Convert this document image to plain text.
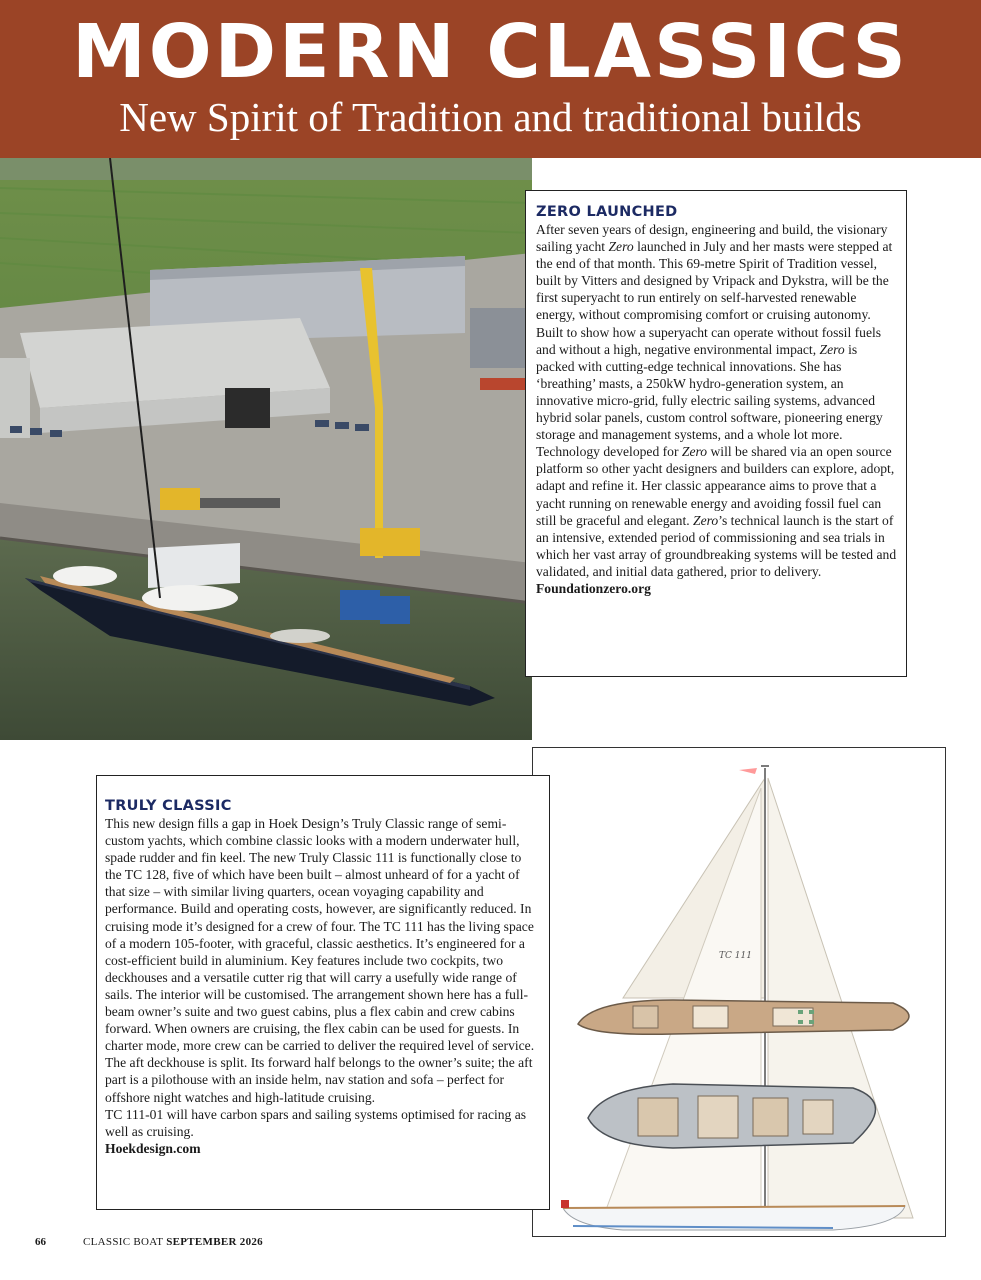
MODERN CLASSICS
New Spirit of Tradition and traditional builds
ZERO LAUNCHED

After seven years of design, engineering and build, the visionary sailing yacht Zero launched in July and her masts were stepped at the end of that month. This 69-metre Spirit of Tradition vessel, built by Vitters and designed by Vripack and Dykstra, will be the first superyacht to run entirely on self-harvested renewable energy, without compromising comfort or cruising autonomy. Built to show how a superyacht can operate without fossil fuels and without a high, negative environmental impact, Zero is packed with cutting-edge technical innovations. She has ‘breathing’ masts, a 250kW hydro-generation system, an innovative micro-grid, fully electric sailing systems, advanced hybrid solar panels, custom control software, pioneering energy storage and management systems, and a whole lot more. Technology developed for Zero will be shared via an open source platform so other yacht designers and builders can explore, adopt, adapt and refine it. Her classic appearance aims to prove that a yacht running on renewable energy and avoiding fossil fuel can still be graceful and elegant. Zero’s technical launch is the start of an intensive, extended period of commissioning and sea trials in which her vast array of groundbreaking systems will be tested and validated, and initial data gathered, prior to delivery.

Foundationzero.org
TC 111
TRULY CLASSIC

This new design fills a gap in Hoek Design’s Truly Classic range of semi-custom yachts, which combine classic looks with a modern underwater hull, spade rudder and fin keel. The new Truly Classic 111 is functionally close to the TC 128, five of which have been built – almost unheard of for a yacht of that size – with similar living quarters, ocean voyaging capability and performance. Build and operating costs, however, are significantly reduced. In cruising mode it’s designed for a crew of four. The TC 111 has the living space of a modern 105-footer, with graceful, classic aesthetics. It’s engineered for a cost-efficient build in aluminium. Key features include two cockpits, two deckhouses and a versatile cutter rig that will carry a usefully wide range of sails. The interior will be customised. The arrangement shown here has a full-beam owner’s suite and two guest cabins, plus a flex cabin and crew cabins forward. When owners are cruising, the flex cabin can be used for guests. In charter mode, more crew can be carried to deliver the required level of service. The aft deckhouse is split. Its forward half belongs to the owner’s suite; the aft part is a pilothouse with an inside helm, nav station and sofa – perfect for offshore night watches and high-latitude cruising.

TC 111-01 will have carbon spars and sailing systems optimised for racing as well as cruising.

Hoekdesign.com
66	CLASSIC BOAT SEPTEMBER 2026
